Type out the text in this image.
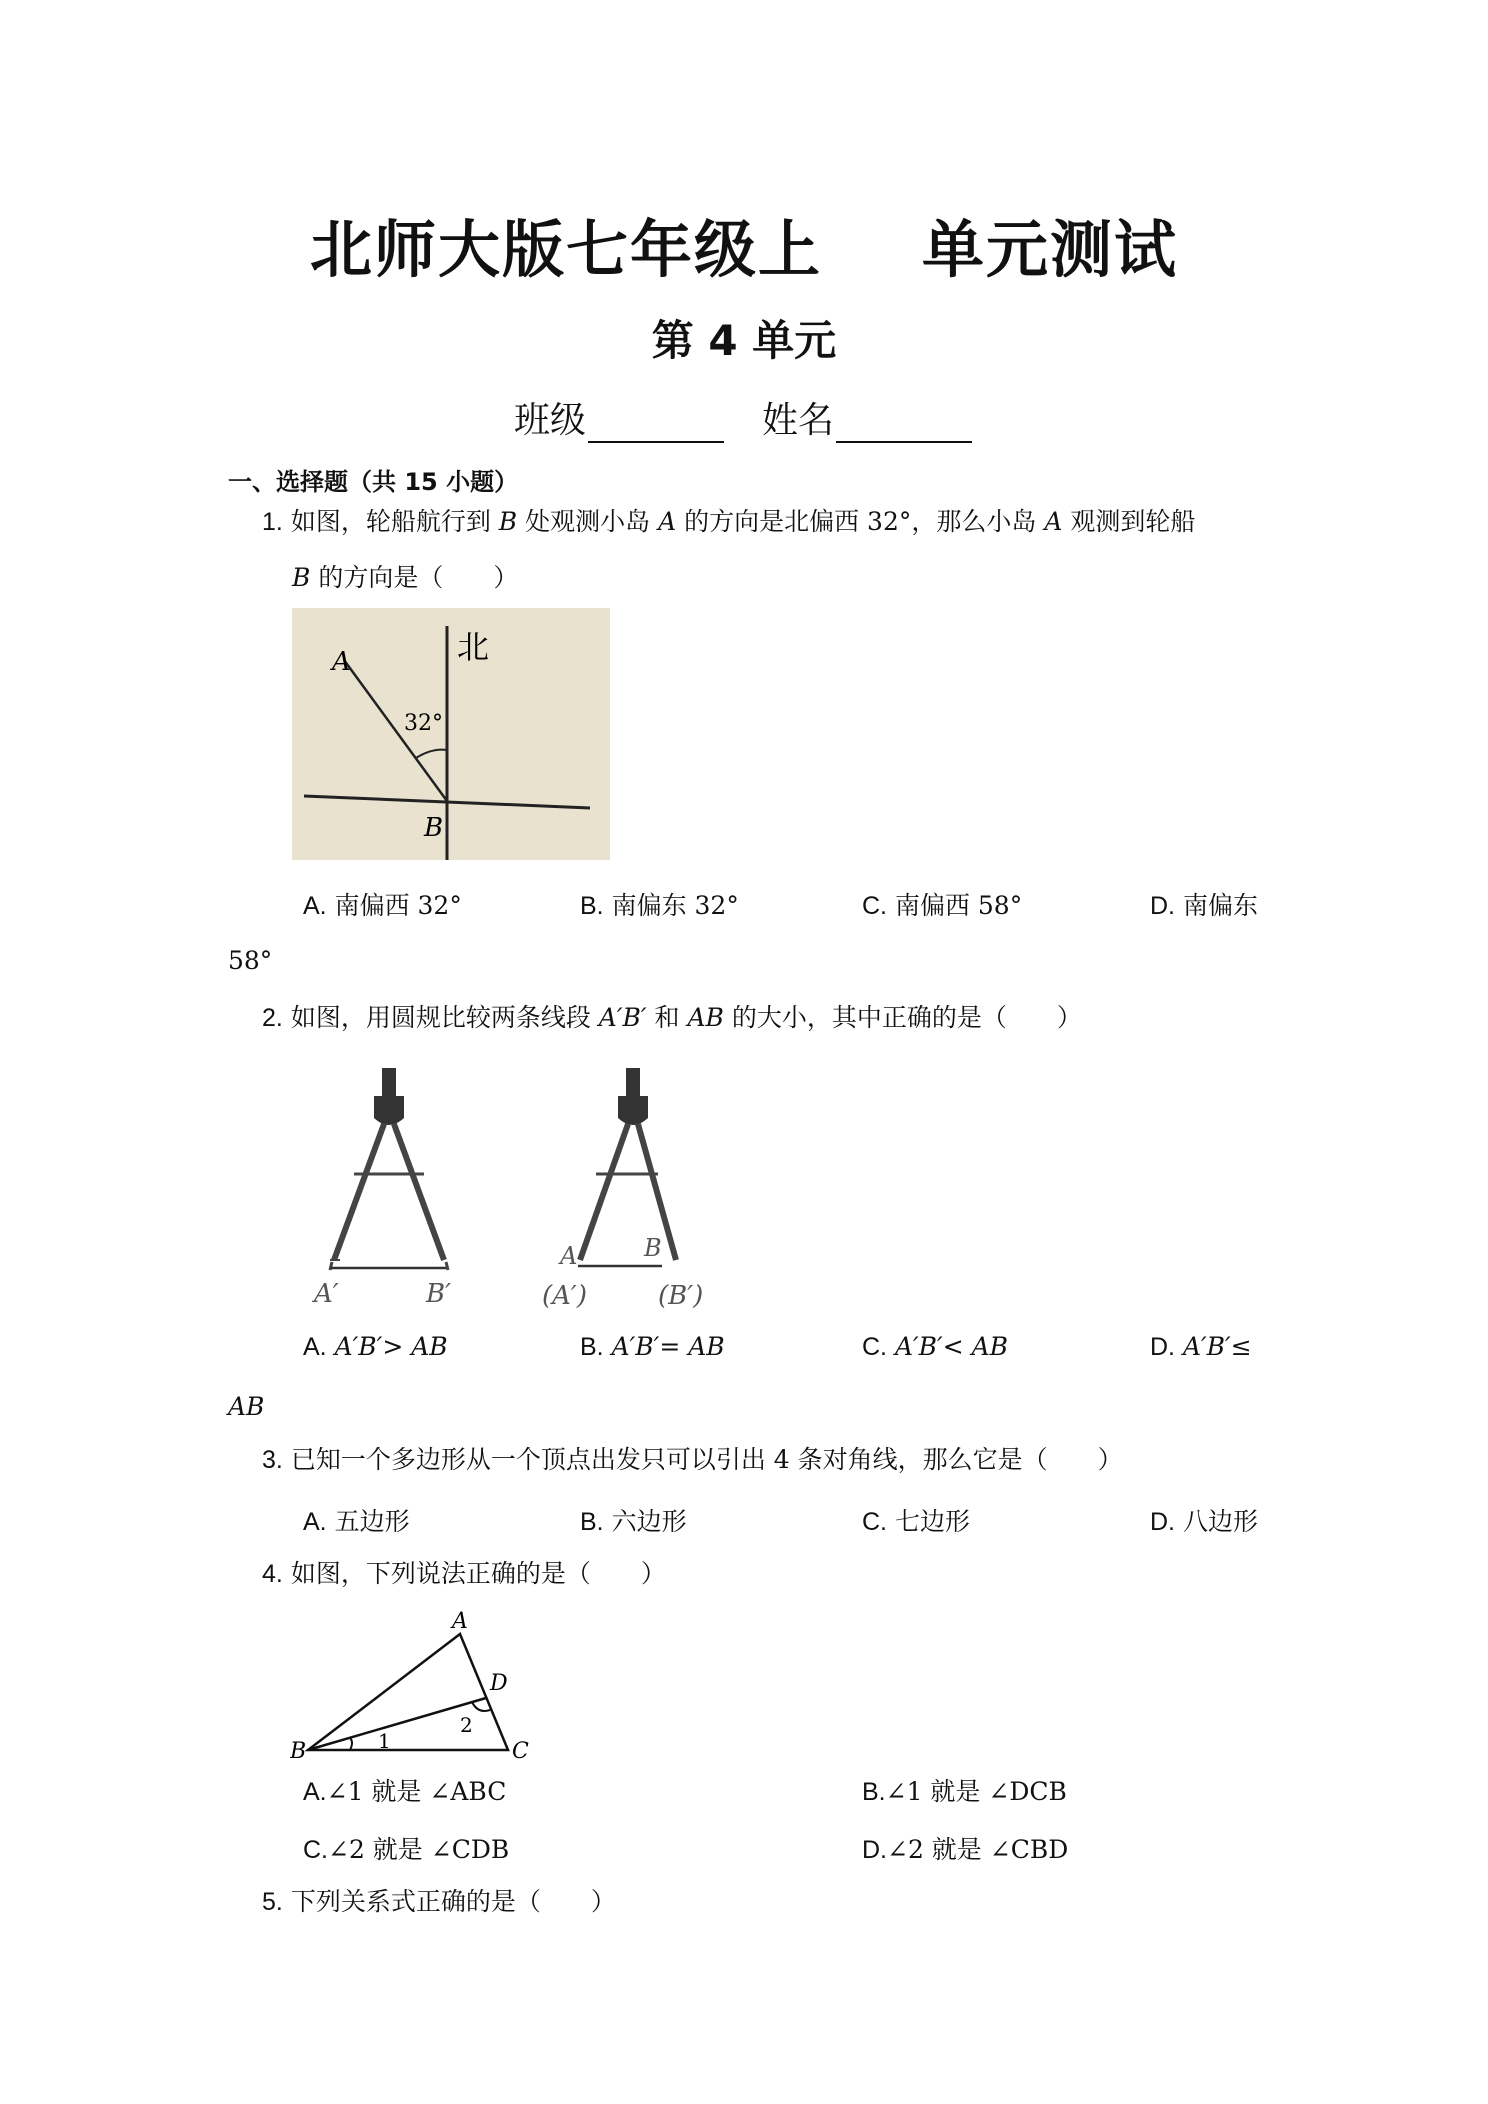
北师大版七年级上 单元测试
第 4 单元
班级	姓名
一、选择题（共 15 小题）
1. 如图，轮船航行到 B 处观测小岛 A 的方向是北偏西 32°，那么小岛 A 观测到轮船
B 的方向是（　　）
北
32°
A
B
A. 南偏西 32°	B. 南偏东 32°	C. 南偏西 58°	D. 南偏东
58°
2. 如图，用圆规比较两条线段 A′B′ 和 AB 的大小，其中正确的是（　　）
A′	B′
A	B
(A′)	(B′)
A. A′B′> AB	B. A′B′= AB	C. A′B′< AB	D. A′B′≤
AB
3. 已知一个多边形从一个顶点出发只可以引出 4 条对角线，那么它是（　　）
A. 五边形	B. 六边形	C. 七边形	D. 八边形
4. 如图，下列说法正确的是（　　）
A
B	C
D
1
2
A.∠1 就是 ∠ABC	B.∠1 就是 ∠DCB
C.∠2 就是 ∠CDB	D.∠2 就是 ∠CBD
5. 下列关系式正确的是（　　）
